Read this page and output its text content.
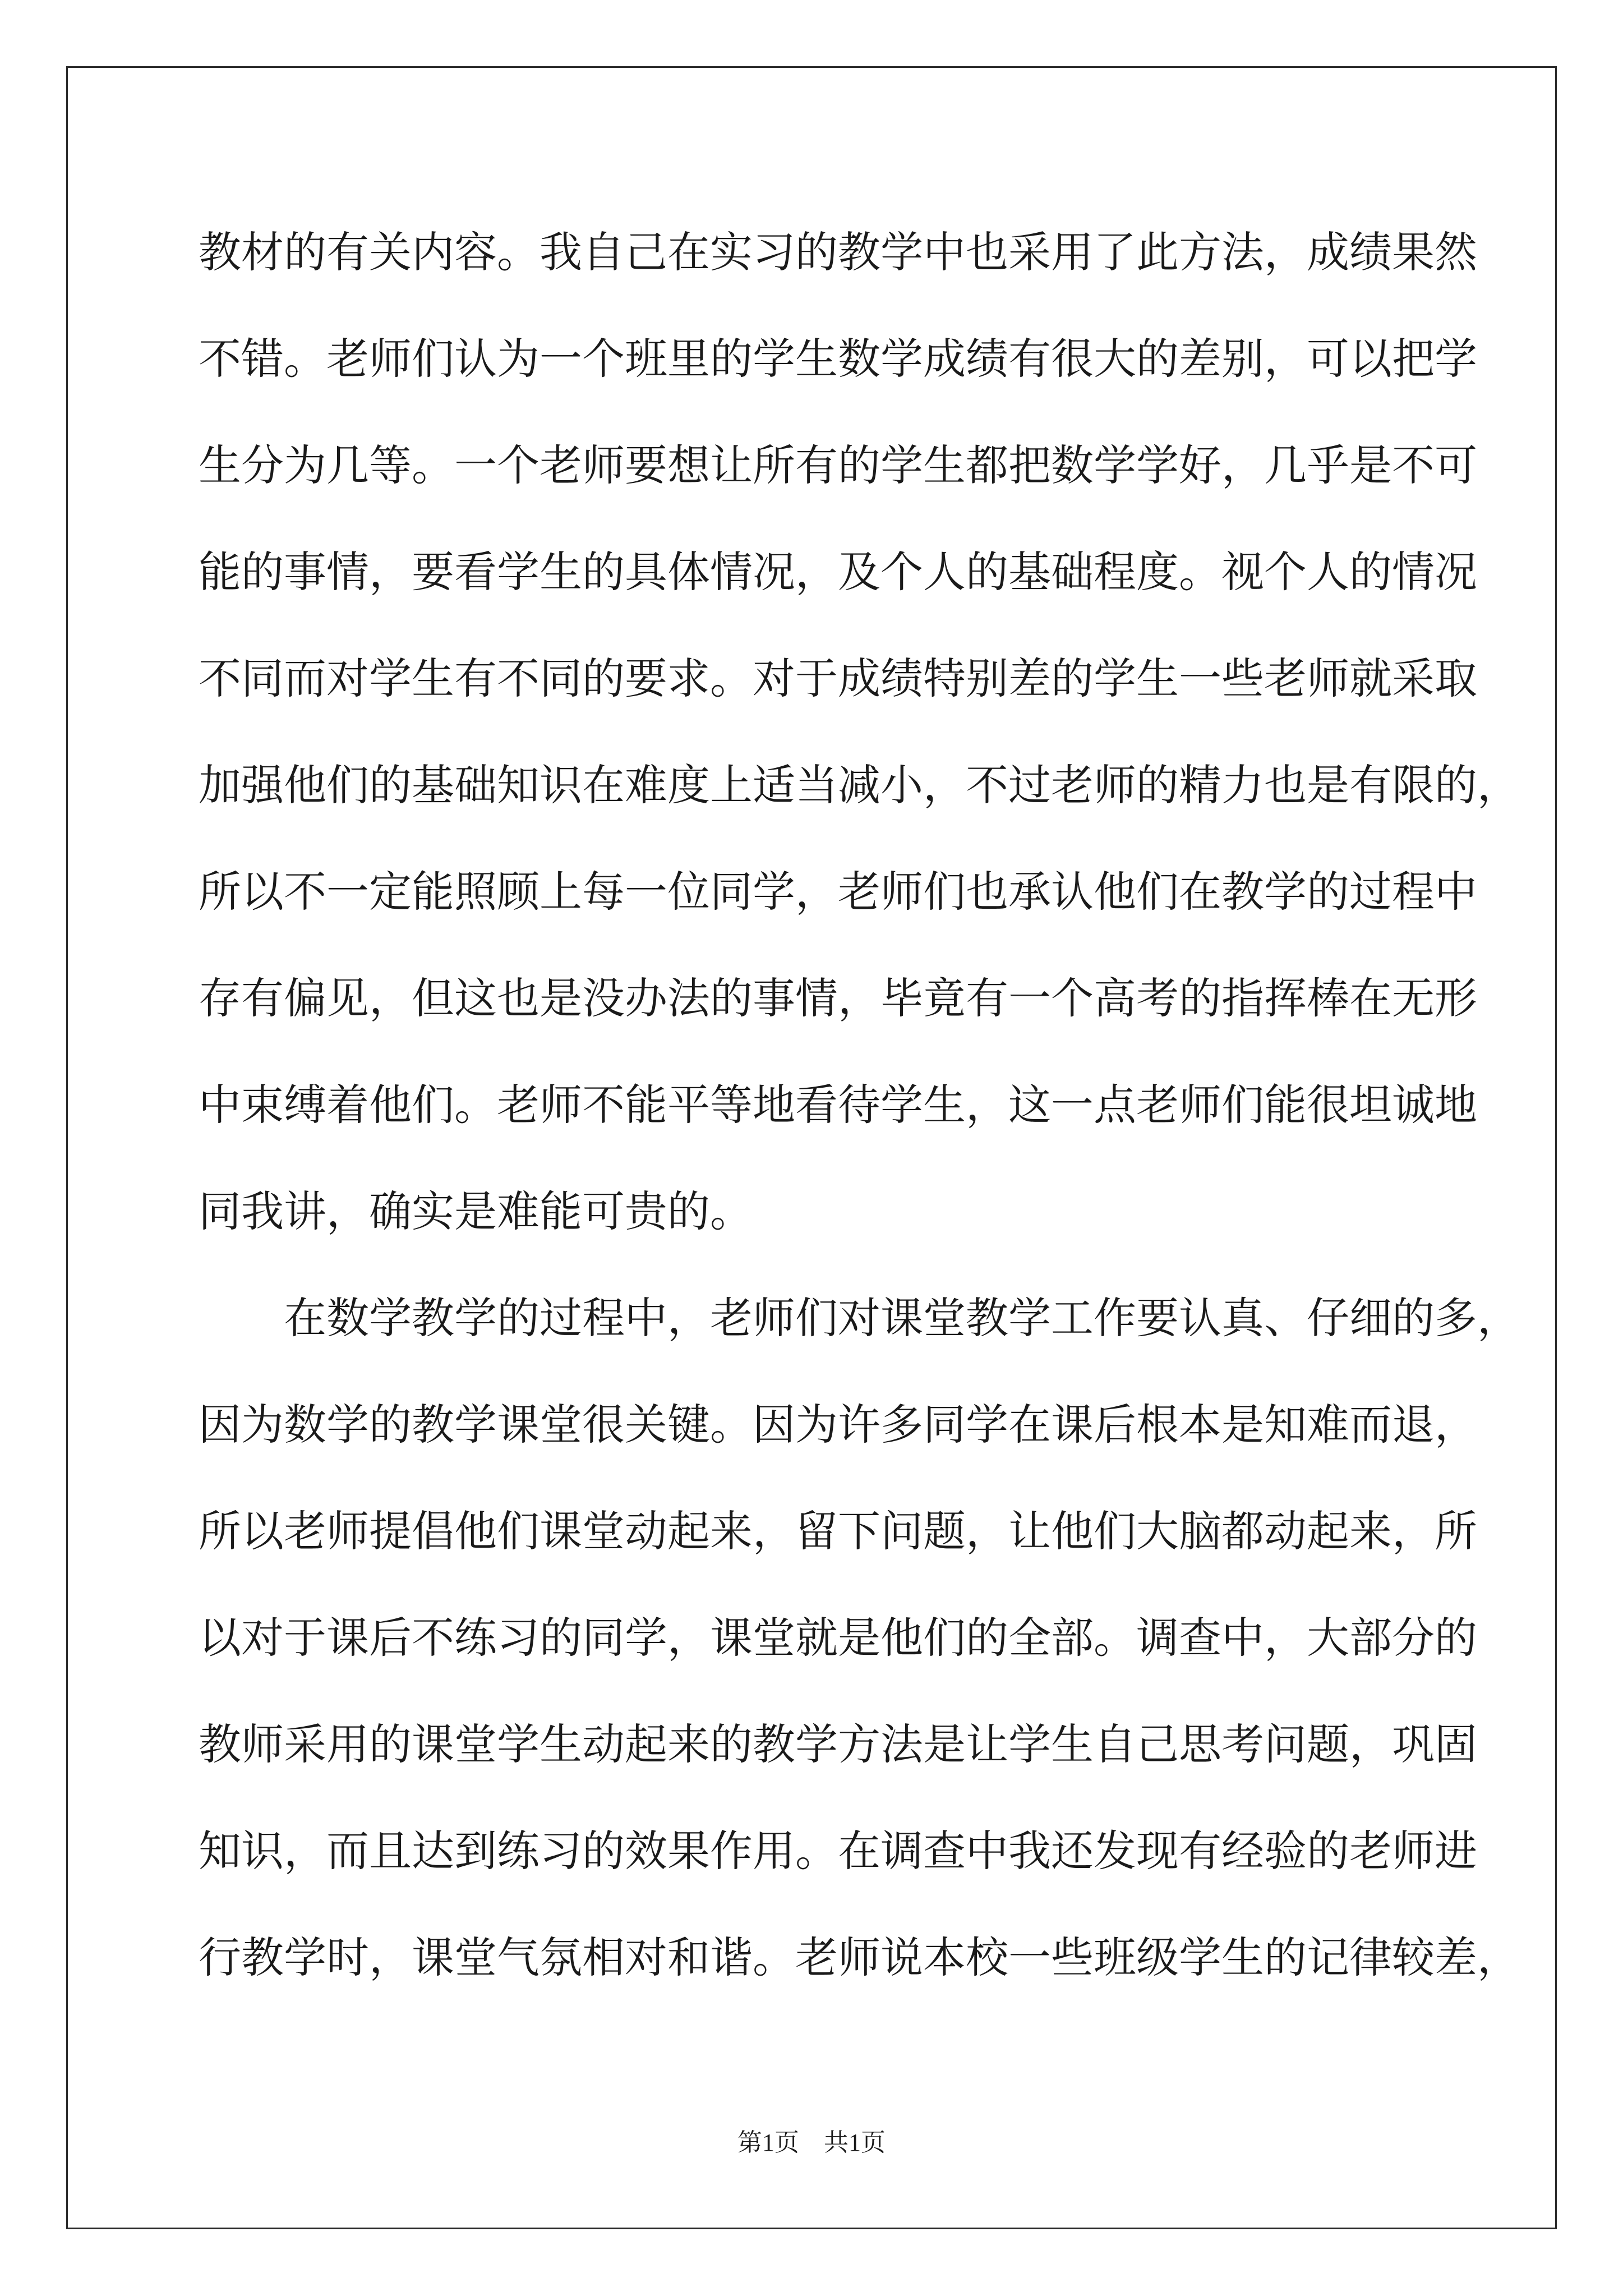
教材的有关内容。我自己在实习的教学中也采用了此方法，成绩果然
不错。老师们认为一个班里的学生数学成绩有很大的差别，可以把学
生分为几等。一个老师要想让所有的学生都把数学学好，几乎是不可
能的事情，要看学生的具体情况，及个人的基础程度。视个人的情况
不同而对学生有不同的要求。对于成绩特别差的学生一些老师就采取
加强他们的基础知识在难度上适当减小，不过老师的精力也是有限的，
所以不一定能照顾上每一位同学，老师们也承认他们在教学的过程中
存有偏见，但这也是没办法的事情，毕竟有一个高考的指挥棒在无形
中束缚着他们。老师不能平等地看待学生，这一点老师们能很坦诚地
同我讲，确实是难能可贵的。
在数学教学的过程中，老师们对课堂教学工作要认真、仔细的多，
因为数学的教学课堂很关键。因为许多同学在课后根本是知难而退，
所以老师提倡他们课堂动起来，留下问题，让他们大脑都动起来，所
以对于课后不练习的同学，课堂就是他们的全部。调查中，大部分的
教师采用的课堂学生动起来的教学方法是让学生自己思考问题，巩固
知识，而且达到练习的效果作用。在调查中我还发现有经验的老师进
行教学时，课堂气氛相对和谐。老师说本校一些班级学生的记律较差，
第1页 共1页
